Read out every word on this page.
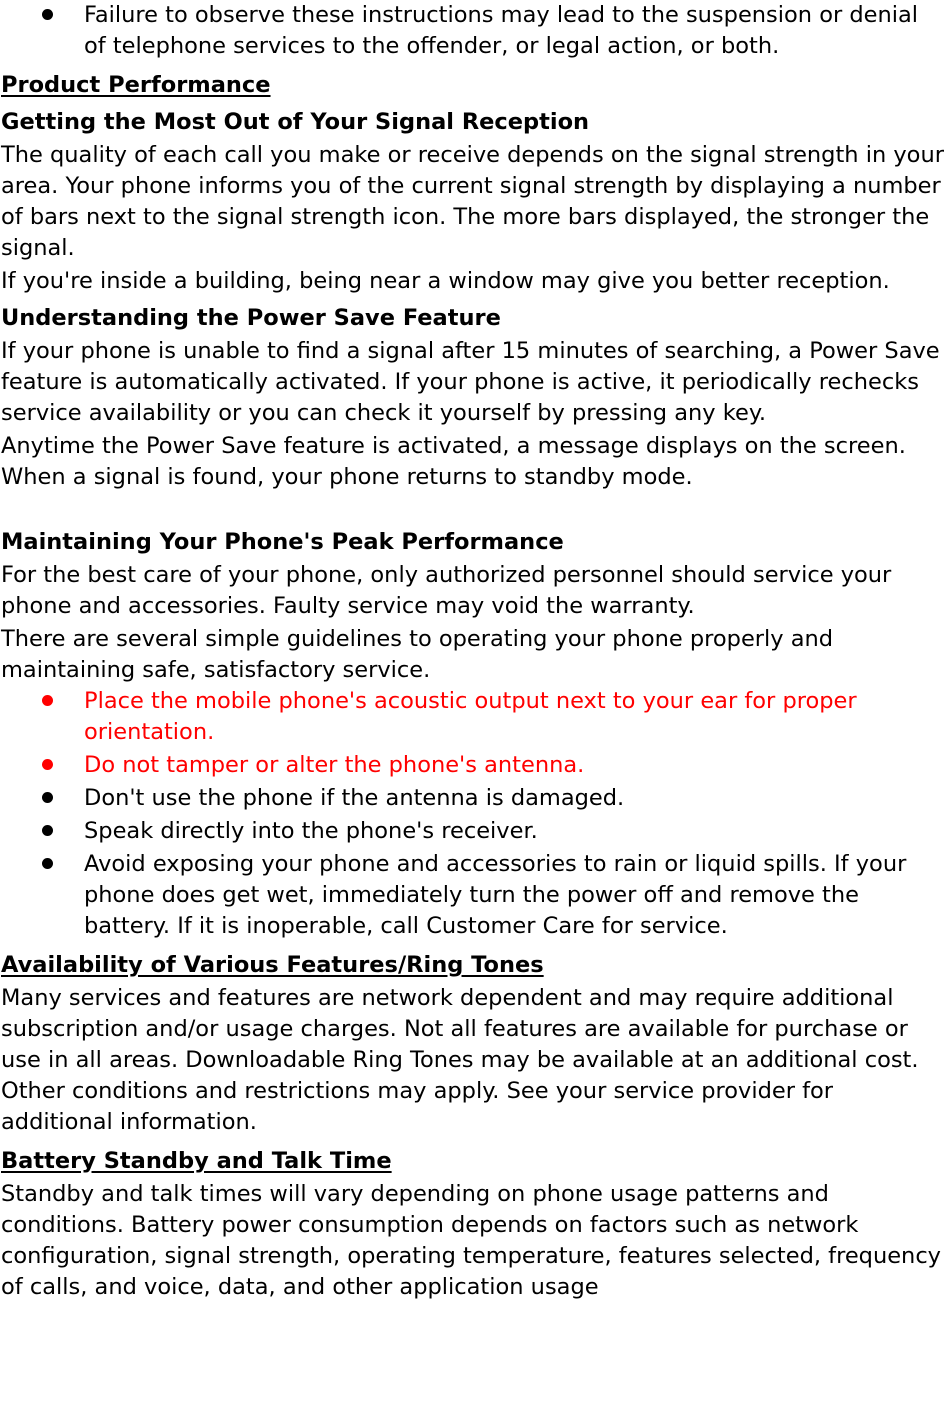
Failure to observe these instructions may lead to the suspension or denial of telephone services to the offender, or legal action, or both.

Product Performance

Getting the Most Out of Your Signal Reception

The quality of each call you make or receive depends on the signal strength in your area. Your phone informs you of the current signal strength by displaying a number of bars next to the signal strength icon. The more bars displayed, the stronger the signal.

If you're inside a building, being near a window may give you better reception.

Understanding the Power Save Feature

If your phone is unable to find a signal after 15 minutes of searching, a Power Save feature is automatically activated. If your phone is active, it periodically rechecks service availability or you can check it yourself by pressing any key.

Anytime the Power Save feature is activated, a message displays on the screen. When a signal is found, your phone returns to standby mode.

Maintaining Your Phone's Peak Performance

For the best care of your phone, only authorized personnel should service your phone and accessories. Faulty service may void the warranty.

There are several simple guidelines to operating your phone properly and maintaining safe, satisfactory service.

Place the mobile phone's acoustic output next to your ear for proper orientation.
Do not tamper or alter the phone's antenna.
Don't use the phone if the antenna is damaged.
Speak directly into the phone's receiver.
Avoid exposing your phone and accessories to rain or liquid spills. If your phone does get wet, immediately turn the power off and remove the battery. If it is inoperable, call Customer Care for service.

Availability of Various Features/Ring Tones

Many services and features are network dependent and may require additional subscription and/or usage charges. Not all features are available for purchase or use in all areas. Downloadable Ring Tones may be available at an additional cost. Other conditions and restrictions may apply. See your service provider for additional information.

Battery Standby and Talk Time

Standby and talk times will vary depending on phone usage patterns and conditions. Battery power consumption depends on factors such as network configuration, signal strength, operating temperature, features selected, frequency of calls, and voice, data, and other application usage
